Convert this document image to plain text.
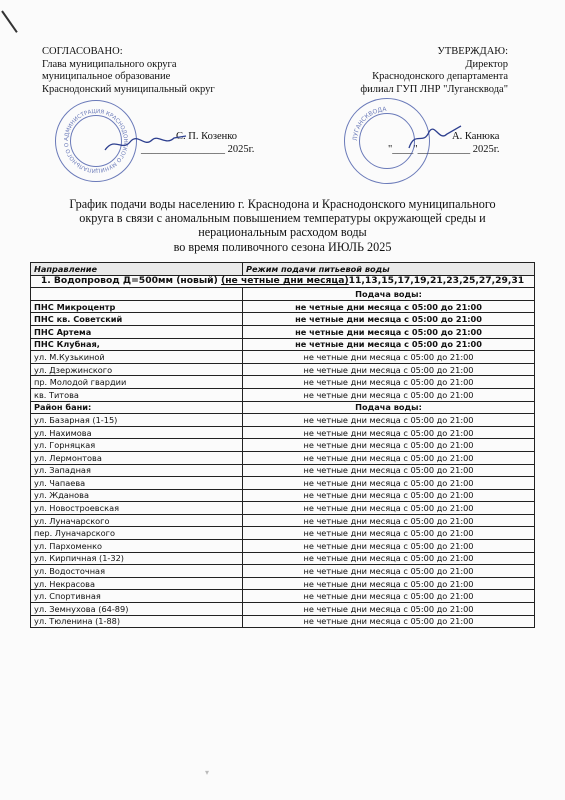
СОГЛАСОВАНО:
Глава муниципального округа
муниципальное образование
Краснодонский муниципальный округ
С. П. Козенко
________________ 2025г.
УТВЕРЖДАЮ:
Директор
Краснодонского департамента
филиал ГУП ЛНР "Лугансквода"
А. Канюка
"____"__________ 2025г.
АДМИНИСТРАЦИЯ КРАСНОДОНСКОГО МУНИЦИПАЛЬНОГО О
ЛУГАНСКВОДА
График подачи воды населению г. Краснодона и Краснодонского муниципального
округа в связи с аномальным повышением температуры окружающей среды и
нерациональным расходом воды
во время поливочного сезона ИЮЛЬ 2025
Направление	Режим подачи питьевой воды
1. Водопровод Д=500мм (новый) (не четные дни месяца)11,13,15,17,19,21,23,25,27,29,31	
	Подача воды:
ПНС Микроцентр	не четные дни месяца с 05:00 до 21:00
ПНС кв. Советский	не четные дни месяца с 05:00 до 21:00
ПНС Артема	не четные дни месяца с 05:00 до 21:00
ПНС Клубная,	не четные дни месяца с 05:00 до 21:00
ул. М.Кузькиной	не четные дни месяца с 05:00 до 21:00
ул. Дзержинского	не четные дни месяца с 05:00 до 21:00
пр. Молодой гвардии	не четные дни месяца с 05:00 до 21:00
кв. Титова	не четные дни месяца с 05:00 до 21:00
Район бани:	Подача воды:
ул. Базарная (1-15)	не четные дни месяца с 05:00 до 21:00
ул. Нахимова	не четные дни месяца с 05:00 до 21:00
ул. Горняцкая	не четные дни месяца с 05:00 до 21:00
ул. Лермонтова	не четные дни месяца с 05:00 до 21:00
ул. Западная	не четные дни месяца с 05:00 до 21:00
ул. Чапаева	не четные дни месяца с 05:00 до 21:00
ул. Жданова	не четные дни месяца с 05:00 до 21:00
ул. Новостроевская	не четные дни месяца с 05:00 до 21:00
ул. Луначарского	не четные дни месяца с 05:00 до 21:00
пер. Луначарского	не четные дни месяца с 05:00 до 21:00
ул. Пархоменко	не четные дни месяца с 05:00 до 21:00
ул. Кирпичная (1-32)	не четные дни месяца с 05:00 до 21:00
ул. Водосточная	не четные дни месяца с 05:00 до 21:00
ул. Некрасова	не четные дни месяца с 05:00 до 21:00
ул. Спортивная	не четные дни месяца с 05:00 до 21:00
ул. Земнухова (64-89)	не четные дни месяца с 05:00 до 21:00
ул. Тюленина (1-88)	не четные дни месяца с 05:00 до 21:00
▾
